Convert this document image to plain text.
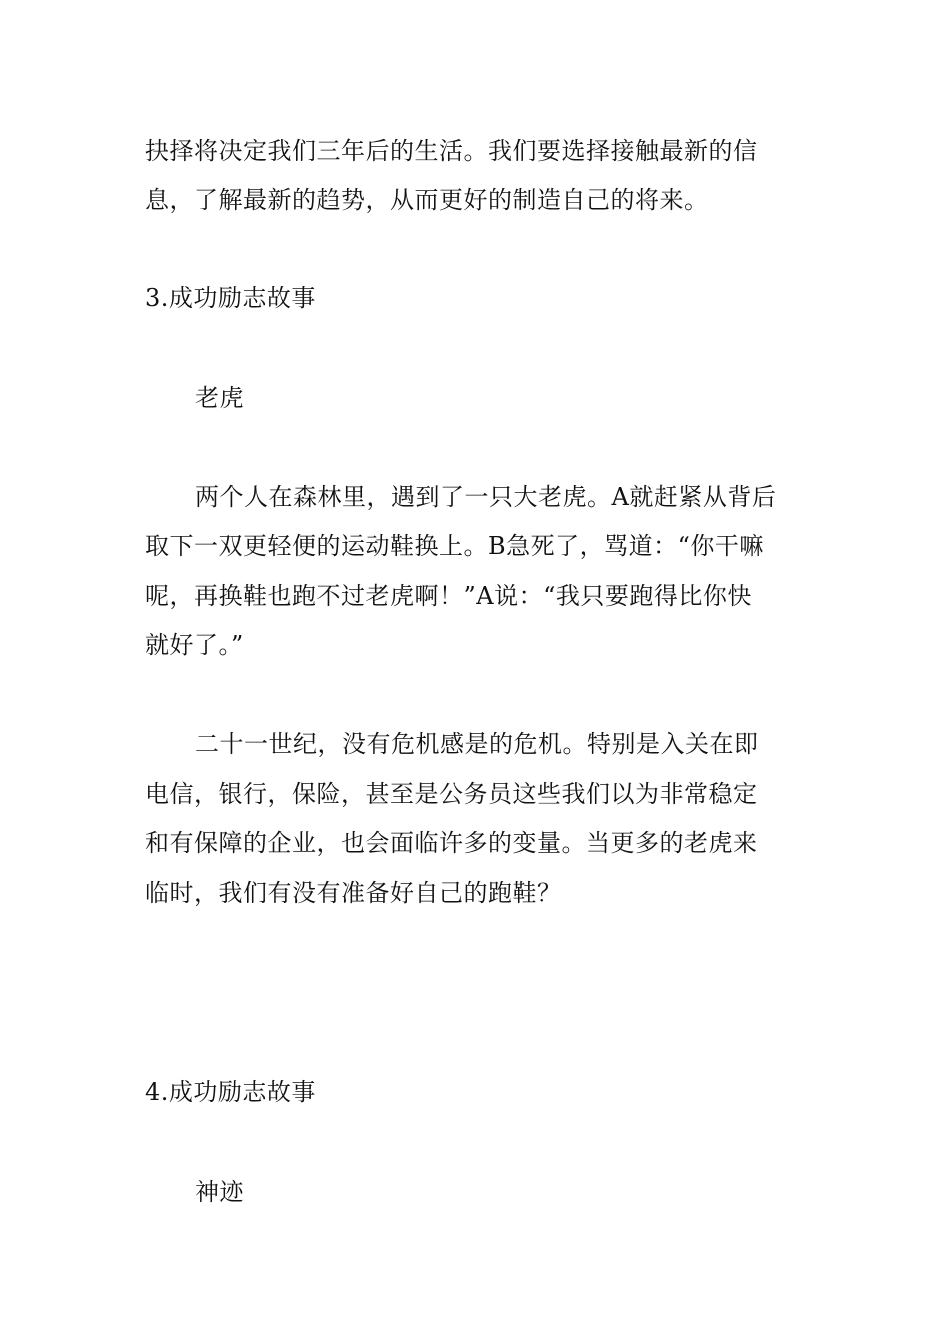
抉择将决定我们三年后的生活。我们要选择接触最新的信
息，了解最新的趋势，从而更好的制造自己的将来。
3.成功励志故事
老虎
两个人在森林里，遇到了一只大老虎。A就赶紧从背后
取下一双更轻便的运动鞋换上。B急死了，骂道：“你干嘛
呢，再换鞋也跑不过老虎啊！”A说：“我只要跑得比你快
就好了。”
二十一世纪，没有危机感是的危机。特别是入关在即
电信，银行，保险，甚至是公务员这些我们以为非常稳定
和有保障的企业，也会面临许多的变量。当更多的老虎来
临时，我们有没有准备好自己的跑鞋？
4.成功励志故事
神迹
